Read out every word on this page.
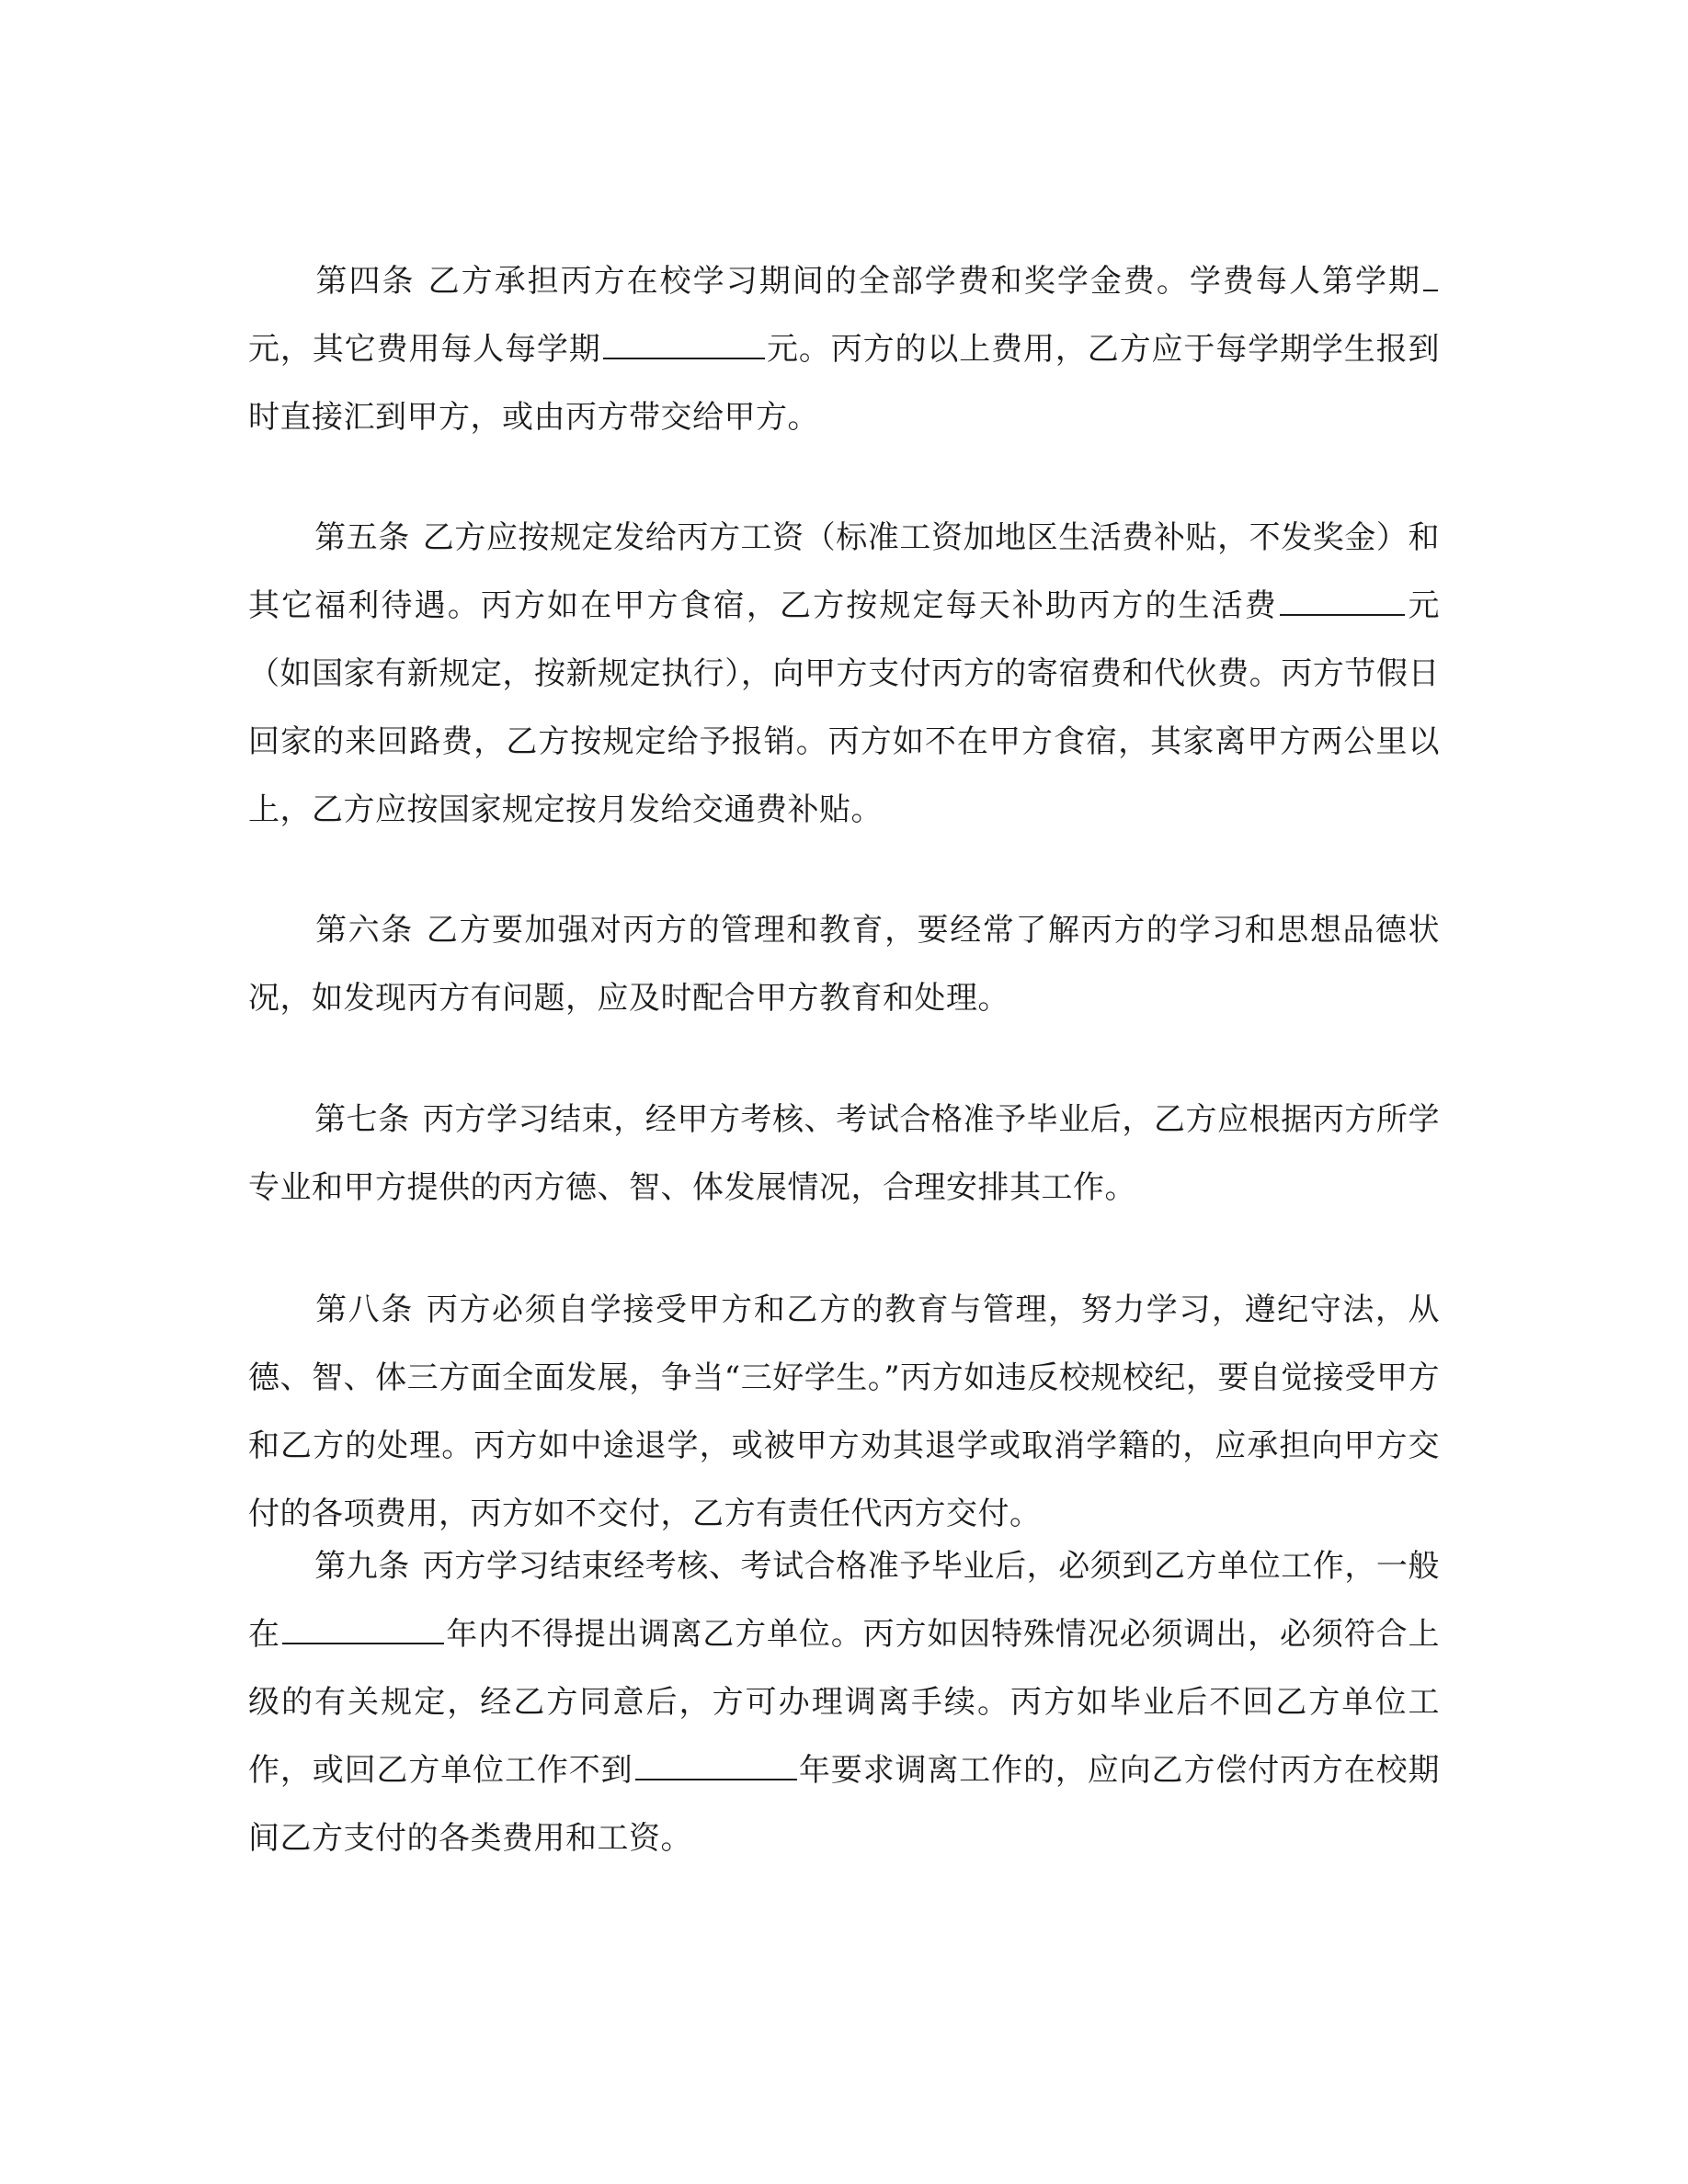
第四条 乙方承担丙方在校学习期间的全部学费和奖学金费。学费每人第学期元，其它费用每人每学期	元。丙方的以上费用，乙方应于每学期学生报到时直接汇到甲方，或由丙方带交给甲方。

第五条 乙方应按规定发给丙方工资（标准工资加地区生活费补贴，不发奖金）和其它福利待遇。丙方如在甲方食宿，乙方按规定每天补助丙方的生活费	元（如国家有新规定，按新规定执行），向甲方支付丙方的寄宿费和代伙费。丙方节假日回家的来回路费，乙方按规定给予报销。丙方如不在甲方食宿，其家离甲方两公里以上，乙方应按国家规定按月发给交通费补贴。

第六条 乙方要加强对丙方的管理和教育，要经常了解丙方的学习和思想品德状况，如发现丙方有问题，应及时配合甲方教育和处理。

第七条 丙方学习结束，经甲方考核、考试合格准予毕业后，乙方应根据丙方所学专业和甲方提供的丙方德、智、体发展情况，合理安排其工作。

第八条 丙方必须自学接受甲方和乙方的教育与管理，努力学习，遵纪守法，从德、智、体三方面全面发展，争当“三好学生。”丙方如违反校规校纪，要自觉接受甲方和乙方的处理。丙方如中途退学，或被甲方劝其退学或取消学籍的，应承担向甲方交付的各项费用，丙方如不交付，乙方有责任代丙方交付。

第九条 丙方学习结束经考核、考试合格准予毕业后，必须到乙方单位工作，一般在	年内不得提出调离乙方单位。丙方如因特殊情况必须调出，必须符合上级的有关规定，经乙方同意后，方可办理调离手续。丙方如毕业后不回乙方单位工作，或回乙方单位工作不到	年要求调离工作的，应向乙方偿付丙方在校期间乙方支付的各类费用和工资。
